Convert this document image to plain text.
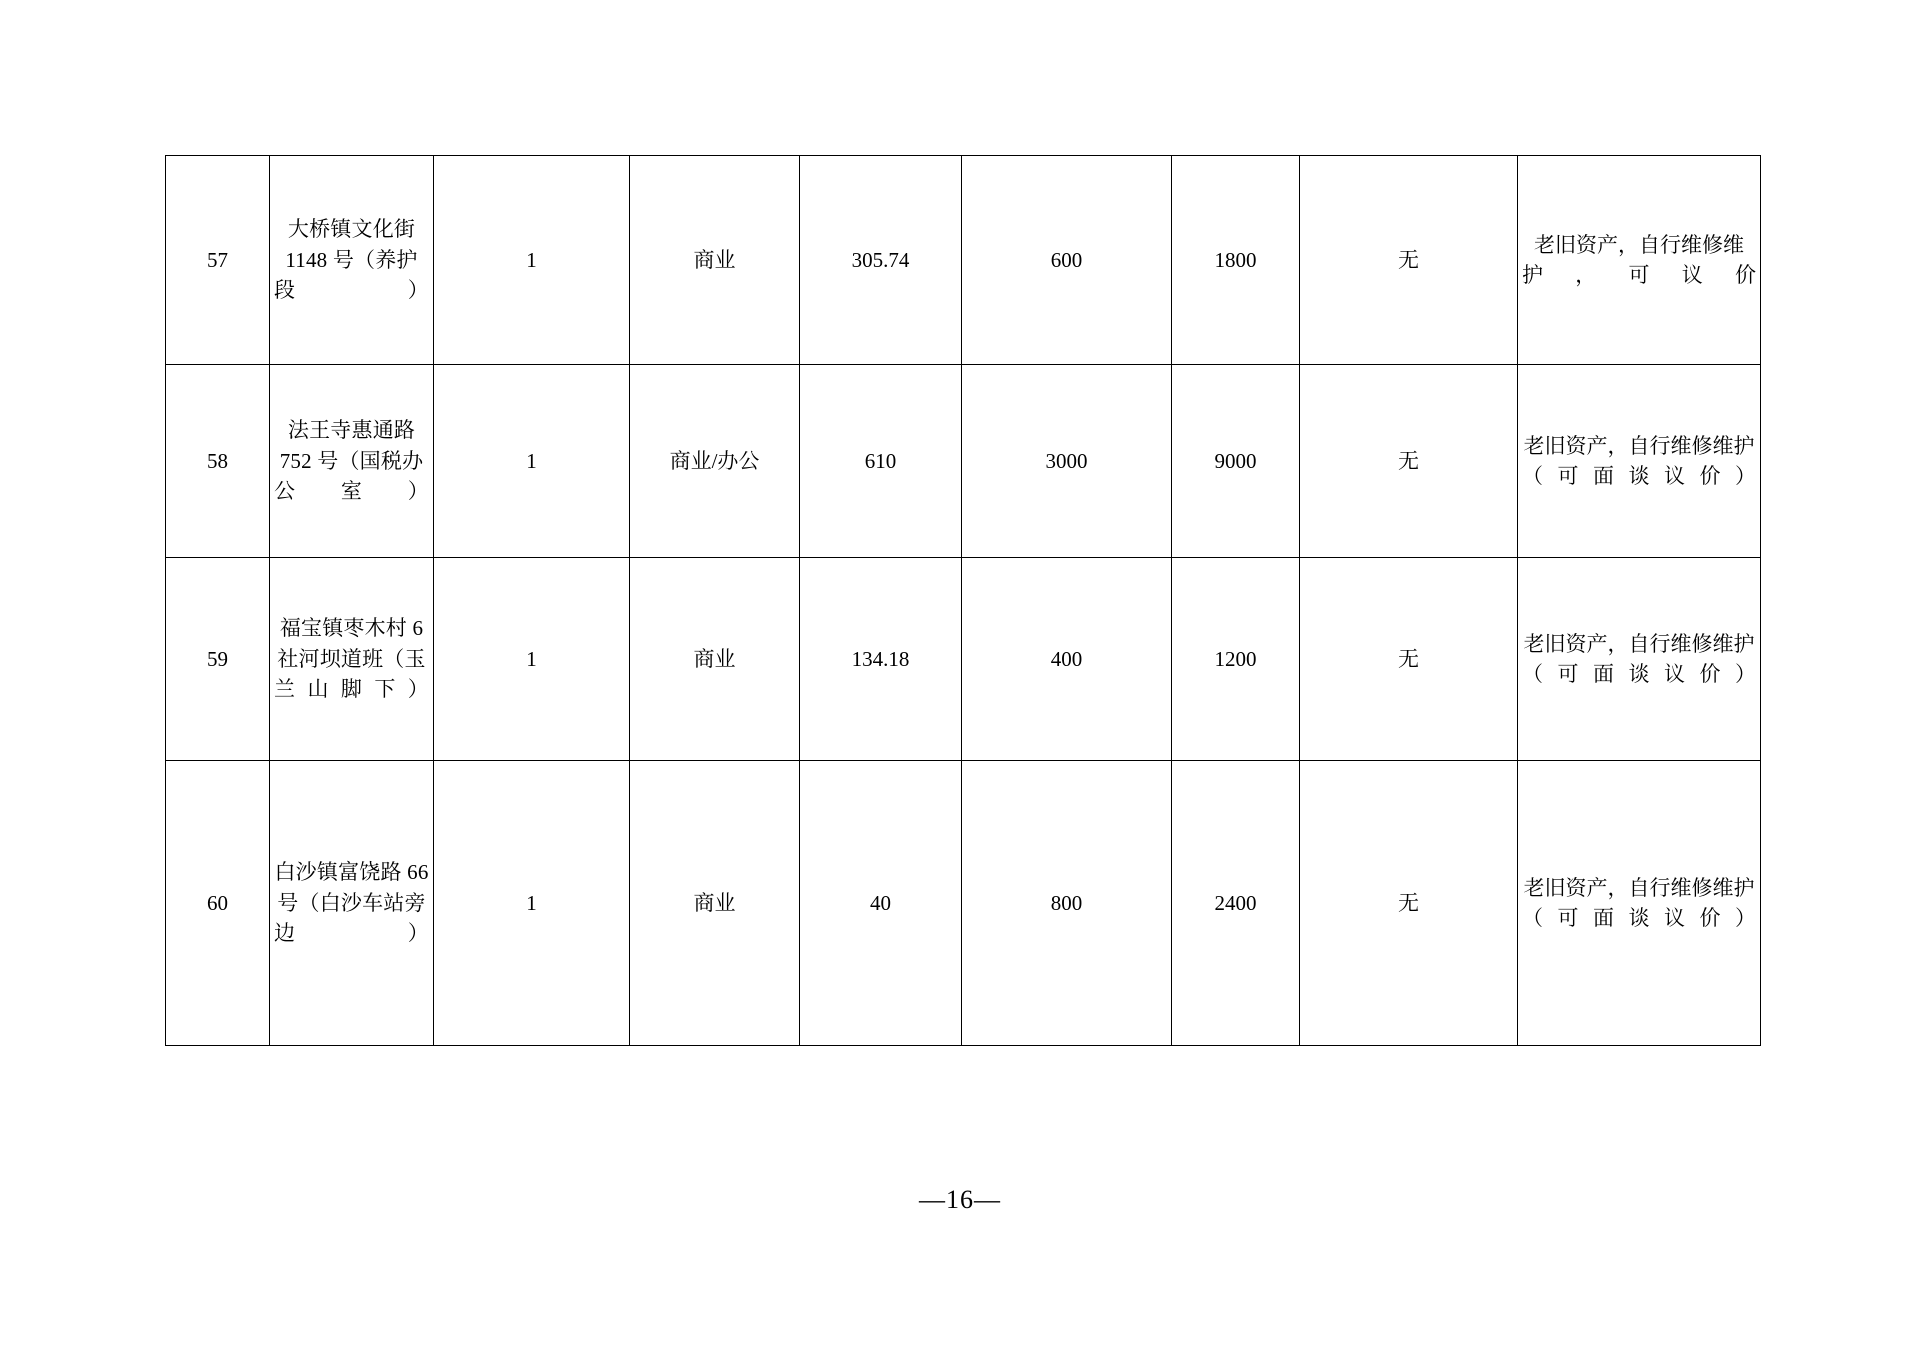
57	大桥镇文化街 1148 号（养护段）	1	商业	305.74	600	1800	无	老旧资产，自行维修维护，可议价
58	法王寺惠通路 752 号（国税办公室）	1	商业/办公	610	3000	9000	无	老旧资产，自行维修维护（可面谈议价）
59	福宝镇枣木村 6 社河坝道班（玉兰山脚下）	1	商业	134.18	400	1200	无	老旧资产，自行维修维护（可面谈议价）
60	白沙镇富饶路 66 号（白沙车站旁边）	1	商业	40	800	2400	无	老旧资产，自行维修维护（可面谈议价）
—16—
